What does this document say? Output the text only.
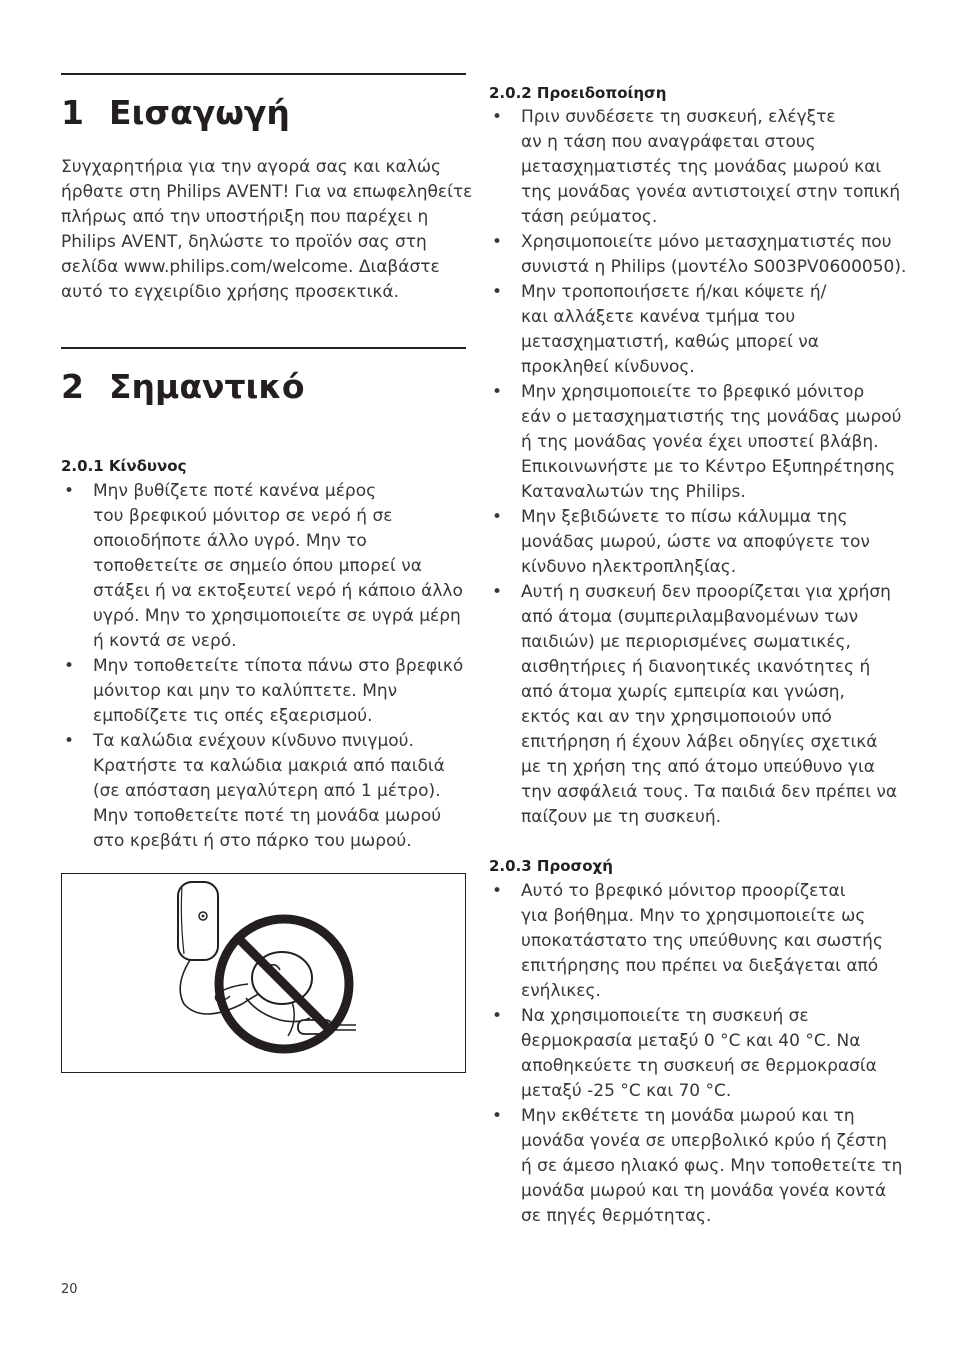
1 Εισαγωγή
Συγχαρητήρια για την αγορά σας και καλώς
ήρθατε στη Philips AVENT! Για να επωφεληθείτε
πλήρως από την υποστήριξη που παρέχει η
Philips AVENT, δηλώστε το προϊόν σας στη
σελίδα www.philips.com/welcome. Διαβάστε
αυτό το εγχειρίδιο χρήσης προσεκτικά.
2 Σημαντικό
2.0.1 Κίνδυνος
• Μην βυθίζετε ποτέ κανένα μέρος
του βρεφικού μόνιτορ σε νερό ή σε
οποιοδήποτε άλλο υγρό. Μην το
τοποθετείτε σε σημείο όπου μπορεί να
στάξει ή να εκτοξευτεί νερό ή κάποιο άλλο
υγρό. Μην το χρησιμοποιείτε σε υγρά μέρη
ή κοντά σε νερό.
• Μην τοποθετείτε τίποτα πάνω στο βρεφικό
μόνιτορ και μην το καλύπτετε. Μην
εμποδίζετε τις οπές εξαερισμού.
• Τα καλώδια ενέχουν κίνδυνο πνιγμού.
Κρατήστε τα καλώδια μακριά από παιδιά
(σε απόσταση μεγαλύτερη από 1 μέτρο).
Μην τοποθετείτε ποτέ τη μονάδα μωρού
στο κρεβάτι ή στο πάρκο του μωρού.
2.0.2 Προειδοποίηση
• Πριν συνδέσετε τη συσκευή, ελέγξτε
αν η τάση που αναγράφεται στους
μετασχηματιστές της μονάδας μωρού και
της μονάδας γονέα αντιστοιχεί στην τοπική
τάση ρεύματος.
• Χρησιμοποιείτε μόνο μετασχηματιστές που
συνιστά η Philips (μοντέλο S003PV0600050).
• Μην τροποποιήσετε ή/και κόψετε ή/
και αλλάξετε κανένα τμήμα του
μετασχηματιστή, καθώς μπορεί να
προκληθεί κίνδυνος.
• Μην χρησιμοποιείτε το βρεφικό μόνιτορ
εάν ο μετασχηματιστής της μονάδας μωρού
ή της μονάδας γονέα έχει υποστεί βλάβη.
Επικοινωνήστε με το Κέντρο Εξυπηρέτησης
Καταναλωτών της Philips.
• Μην ξεβιδώνετε το πίσω κάλυμμα της
μονάδας μωρού, ώστε να αποφύγετε τον
κίνδυνο ηλεκτροπληξίας.
• Αυτή η συσκευή δεν προορίζεται για χρήση
από άτομα (συμπεριλαμβανομένων των
παιδιών) με περιορισμένες σωματικές,
αισθητήριες ή διανοητικές ικανότητες ή
από άτομα χωρίς εμπειρία και γνώση,
εκτός και αν την χρησιμοποιούν υπό
επιτήρηση ή έχουν λάβει οδηγίες σχετικά
με τη χρήση της από άτομο υπεύθυνο για
την ασφάλειά τους. Τα παιδιά δεν πρέπει να
παίζουν με τη συσκευή.
2.0.3 Προσοχή
• Αυτό το βρεφικό μόνιτορ προορίζεται
για βοήθημα. Μην το χρησιμοποιείτε ως
υποκατάστατο της υπεύθυνης και σωστής
επιτήρησης που πρέπει να διεξάγεται από
ενήλικες.
• Να χρησιμοποιείτε τη συσκευή σε
θερμοκρασία μεταξύ 0 °C και 40 °C. Να
αποθηκεύετε τη συσκευή σε θερμοκρασία
μεταξύ -25 °C και 70 °C.
• Μην εκθέτετε τη μονάδα μωρού και τη
μονάδα γονέα σε υπερβολικό κρύο ή ζέστη
ή σε άμεσο ηλιακό φως. Μην τοποθετείτε τη
μονάδα μωρού και τη μονάδα γονέα κοντά
σε πηγές θερμότητας.
20
